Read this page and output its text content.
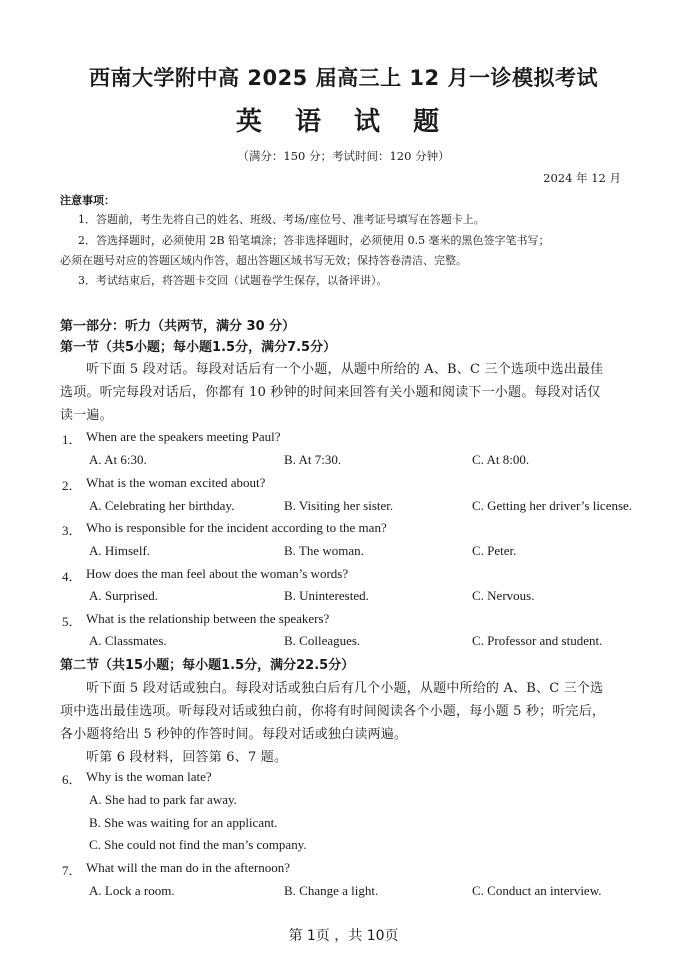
西南大学附中高 2025 届高三上 12 月一诊模拟考试
英 语 试 题
（满分：150 分；考试时间：120 分钟）
2024 年 12 月
注意事项：
1．答题前，考生先将自己的姓名、班级、考场/座位号、准考证号填写在答题卡上。
2．答选择题时，必须使用 2B 铅笔填涂；答非选择题时，必须使用 0.5 毫米的黑色签字笔书写；
必须在题号对应的答题区域内作答，超出答题区域书写无效；保持答卷清洁、完整。
3．考试结束后，将答题卡交回（试题卷学生保存，以备评讲）。
第一部分：听力（共两节，满分 30 分）
第一节（共5小题；每小题1.5分，满分7.5分）
听下面 5 段对话。每段对话后有一个小题，从题中所给的 A、B、C 三个选项中选出最佳
选项。听完每段对话后，你都有 10 秒钟的时间来回答有关小题和阅读下一小题。每段对话仅
读一遍。
1． When are the speakers meeting Paul?
A. At 6:30.	B. At 7:30.	C. At 8:00.
2． What is the woman excited about?
A. Celebrating her birthday.	B. Visiting her sister.	C. Getting her driver’s license.
3． Who is responsible for the incident according to the man?
A. Himself.	B. The woman.	C. Peter.
4． How does the man feel about the woman’s words?
A. Surprised.	B. Uninterested.	C. Nervous.
5． What is the relationship between the speakers?
A. Classmates.	B. Colleagues.	C. Professor and student.
第二节（共15小题；每小题1.5分，满分22.5分）
听下面 5 段对话或独白。每段对话或独白后有几个小题，从题中所给的 A、B、C 三个选
项中选出最佳选项。听每段对话或独白前，你将有时间阅读各个小题，每小题 5 秒；听完后，
各小题将给出 5 秒钟的作答时间。每段对话或独白读两遍。
听第 6 段材料，回答第 6、7 题。
6． Why is the woman late?
A. She had to park far away.
B. She was waiting for an applicant.
C. She could not find the man’s company.
7． What will the man do in the afternoon?
A. Lock a room.	B. Change a light.	C. Conduct an interview.
第 1页 ，共 10页
